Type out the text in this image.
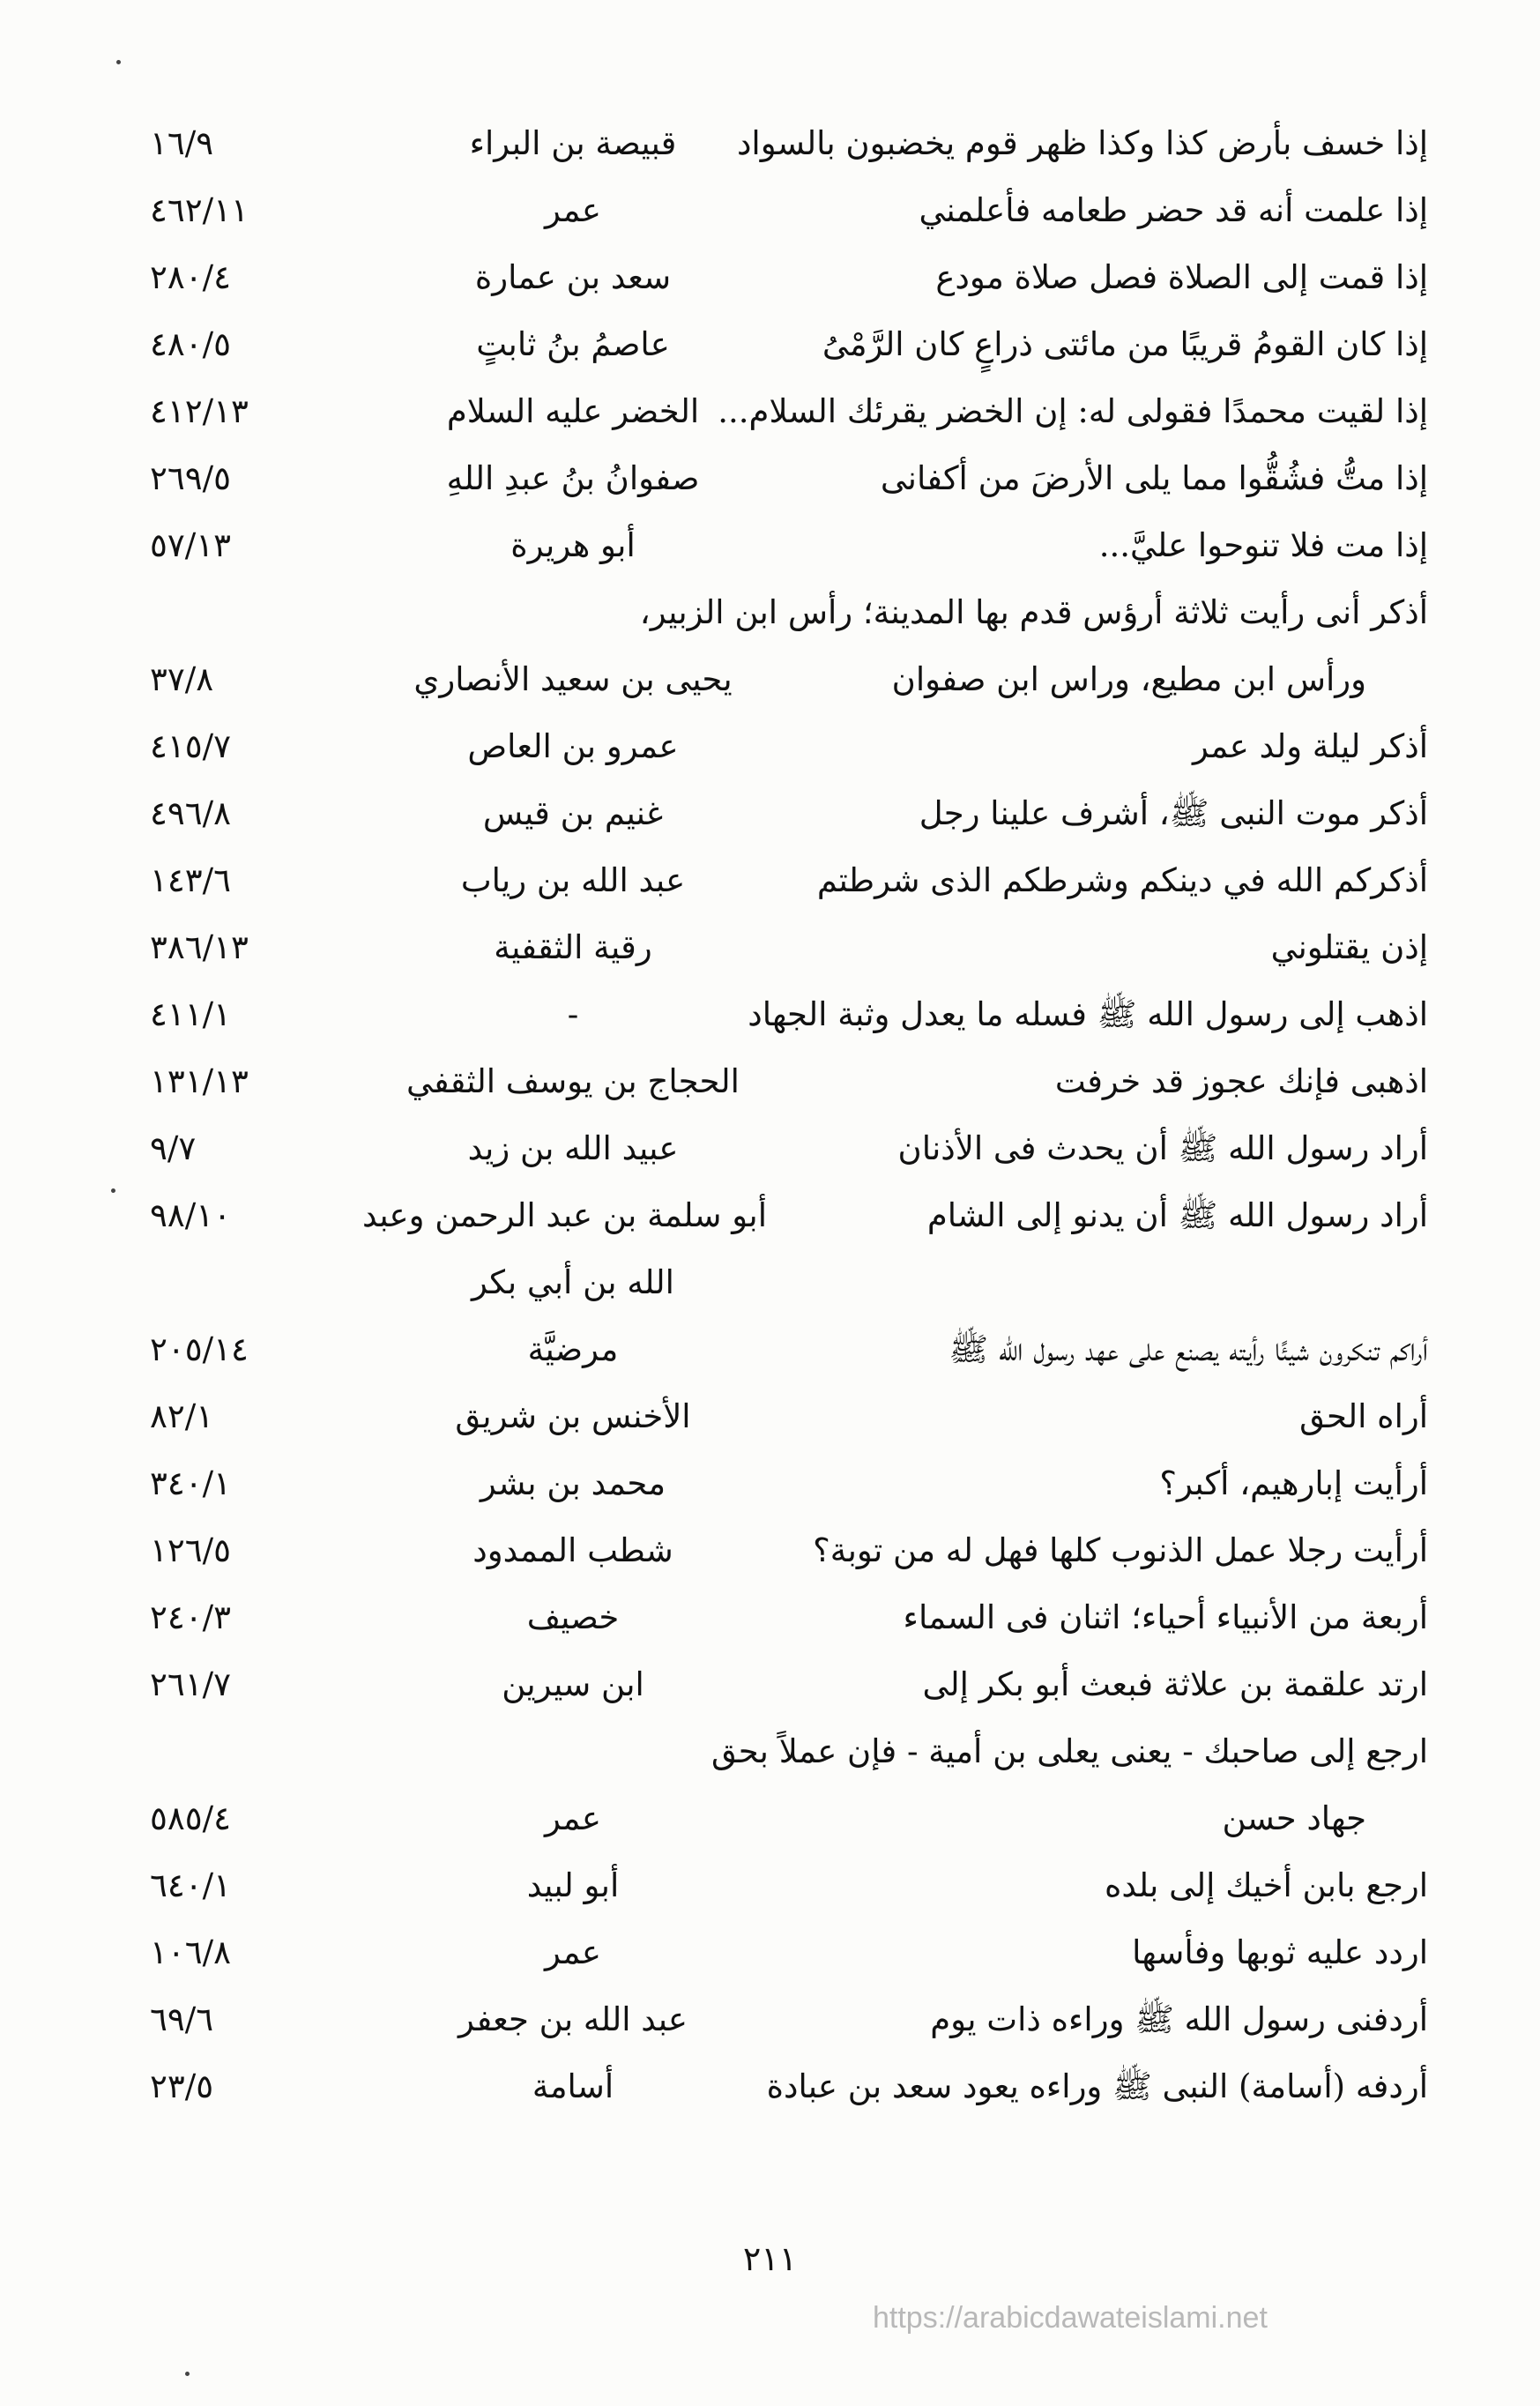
إذا خسف بأرض كذا وكذا ظهر قوم يخضبون بالسواد
قبيصة بن البراء
١٦/٩
إذا علمت أنه قد حضر طعامه فأعلمني
عمر
٤٦٢/١١
إذا قمت إلى الصلاة فصل صلاة مودع
سعد بن عمارة
٢٨٠/٤
إذا كان القومُ قريبًا من مائتى ذراعٍ كان الرَّمْىُ
عاصمُ بنُ ثابتٍ
٤٨٠/٥
إذا لقيت محمدًا فقولى له: إن الخضر يقرئك السلام...
الخضر عليه السلام
٤١٢/١٣
إذا متُّ فشُقُّوا مما يلى الأرضَ من أكفانى
صفوانُ بنُ عبدِ اللهِ
٢٦٩/٥
إذا مت فلا تنوحوا عليَّ...
أبو هريرة
٥٧/١٣
أذكر أنى رأيت ثلاثة أرؤس قدم بها المدينة؛ رأس ابن الزبير،
ورأس ابن مطيع، وراس ابن صفوان
يحيى بن سعيد الأنصاري
٣٧/٨
أذكر ليلة ولد عمر
عمرو بن العاص
٤١٥/٧
أذكر موت النبى ﷺ، أشرف علينا رجل
غنيم بن قيس
٤٩٦/٨
أذكركم الله في دينكم وشرطكم الذى شرطتم
عبد الله بن رياب
١٤٣/٦
إذن يقتلوني
رقية الثقفية
٣٨٦/١٣
اذهب إلى رسول الله ﷺ فسله ما يعدل وثبة الجهاد
-
٤١١/١
اذهبى فإنك عجوز قد خرفت
الحجاج بن يوسف الثقفي
١٣١/١٣
أراد رسول الله ﷺ أن يحدث فى الأذنان
عبيد الله بن زيد
٩/٧
أراد رسول الله ﷺ أن يدنو إلى الشام
أبو سلمة بن عبد الرحمن وعبد
٩٨/١٠
الله بن أبي بكر
أراكم تنكرون شيئًا رأيته يصنع على عهد رسول الله ﷺ
مرضيَّة
٢٠٥/١٤
أراه الحق
الأخنس بن شريق
٨٢/١
أرأيت إبارهيم، أكبر؟
محمد بن بشر
٣٤٠/١
أرأيت رجلا عمل الذنوب كلها فهل له من توبة؟
شطب الممدود
١٢٦/٥
أربعة من الأنبياء أحياء؛ اثنان فى السماء
خصيف
٢٤٠/٣
ارتد علقمة بن علاثة فبعث أبو بكر إلى
ابن سيرين
٢٦١/٧
ارجع إلى صاحبك - يعنى يعلى بن أمية - فإن عملاً بحق
جهاد حسن
عمر
٥٨٥/٤
ارجع بابن أخيك إلى بلده
أبو لبيد
٦٤٠/١
اردد عليه ثوبها وفأسها
عمر
١٠٦/٨
أردفنى رسول الله ﷺ وراءه ذات يوم
عبد الله بن جعفر
٦٩/٦
أردفه (أسامة) النبى ﷺ وراءه يعود سعد بن عبادة
أسامة
٢٣/٥
٢١١
https://arabicdawateislami.net
